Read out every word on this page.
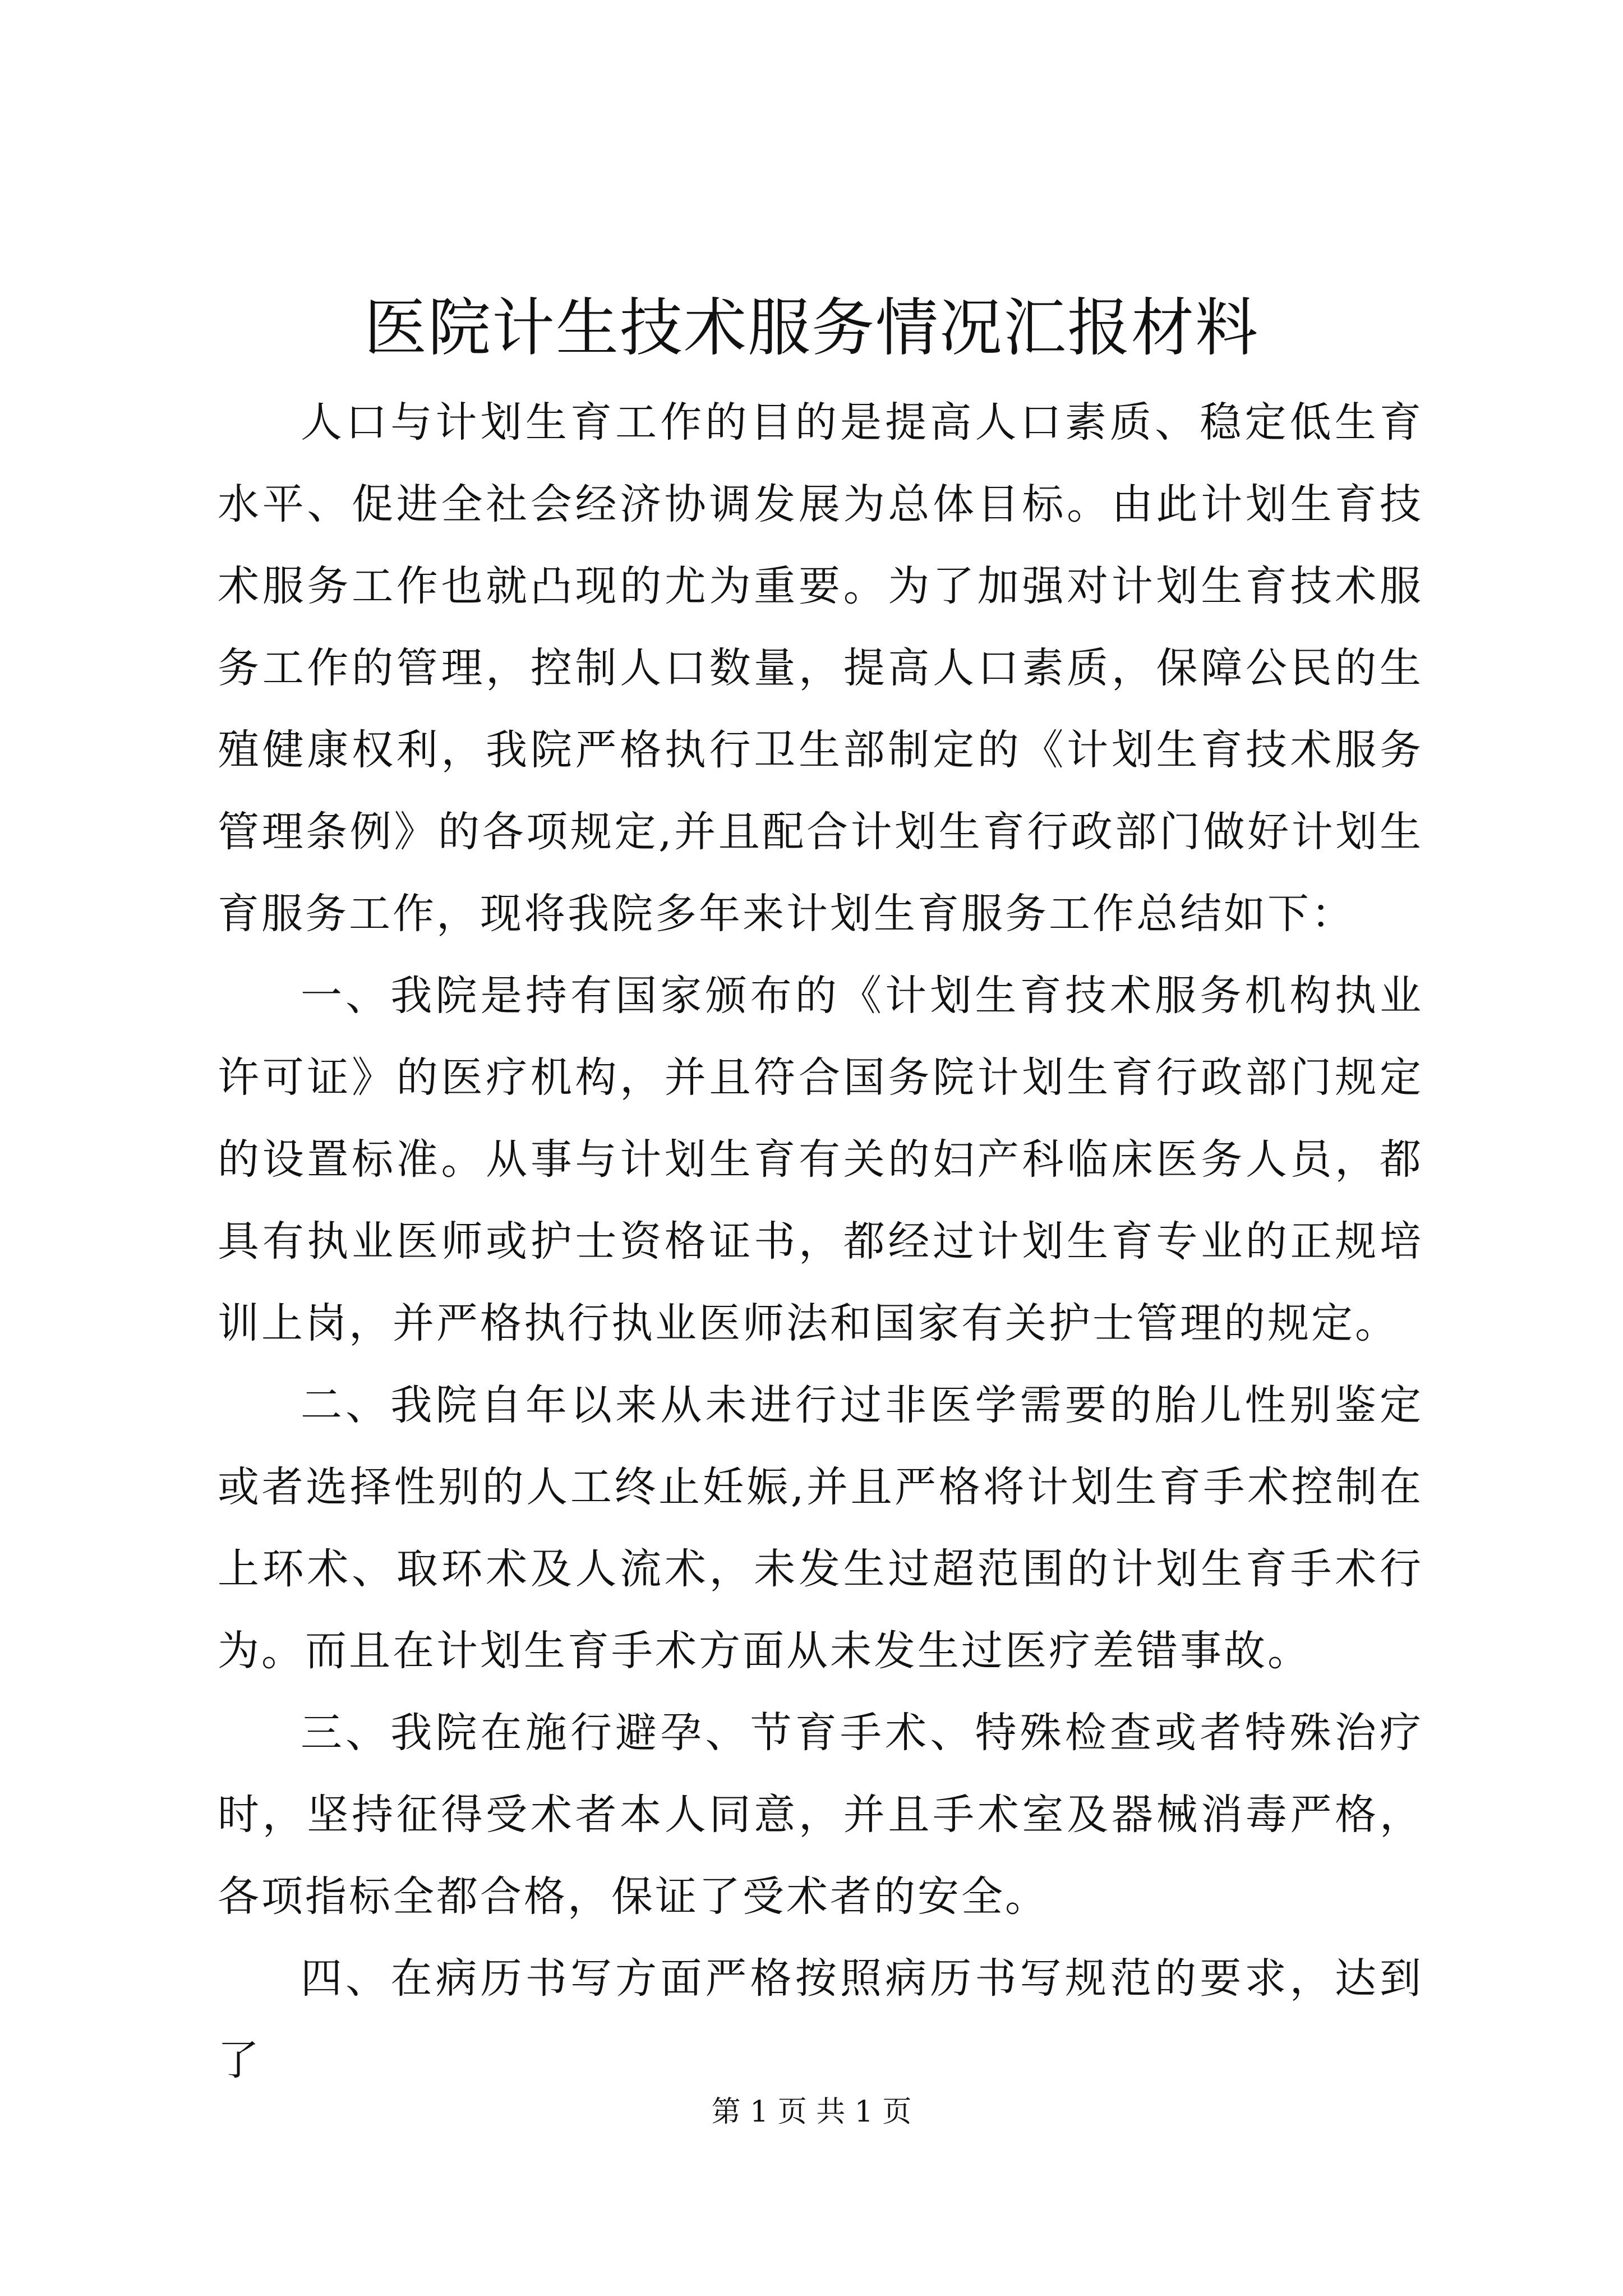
医院计生技术服务情况汇报材料

人口与计划生育工作的目的是提高人口素质、稳定低生育水平、促进全社会经济协调发展为总体目标。由此计划生育技术服务工作也就凸现的尤为重要。为了加强对计划生育技术服务工作的管理，控制人口数量，提高人口素质，保障公民的生殖健康权利，我院严格执行卫生部制定的《计划生育技术服务管理条例》的各项规定,并且配合计划生育行政部门做好计划生育服务工作，现将我院多年来计划生育服务工作总结如下：

一、我院是持有国家颁布的《计划生育技术服务机构执业许可证》的医疗机构，并且符合国务院计划生育行政部门规定的设置标准。从事与计划生育有关的妇产科临床医务人员，都具有执业医师或护士资格证书，都经过计划生育专业的正规培训上岗，并严格执行执业医师法和国家有关护士管理的规定。

二、我院自年以来从未进行过非医学需要的胎儿性别鉴定或者选择性别的人工终止妊娠,并且严格将计划生育手术控制在上环术、取环术及人流术，未发生过超范围的计划生育手术行为。而且在计划生育手术方面从未发生过医疗差错事故。

三、我院在施行避孕、节育手术、特殊检查或者特殊治疗时，坚持征得受术者本人同意，并且手术室及器械消毒严格，各项指标全都合格，保证了受术者的安全。

四、在病历书写方面严格按照病历书写规范的要求，达到了

第 1 页 共 1 页
